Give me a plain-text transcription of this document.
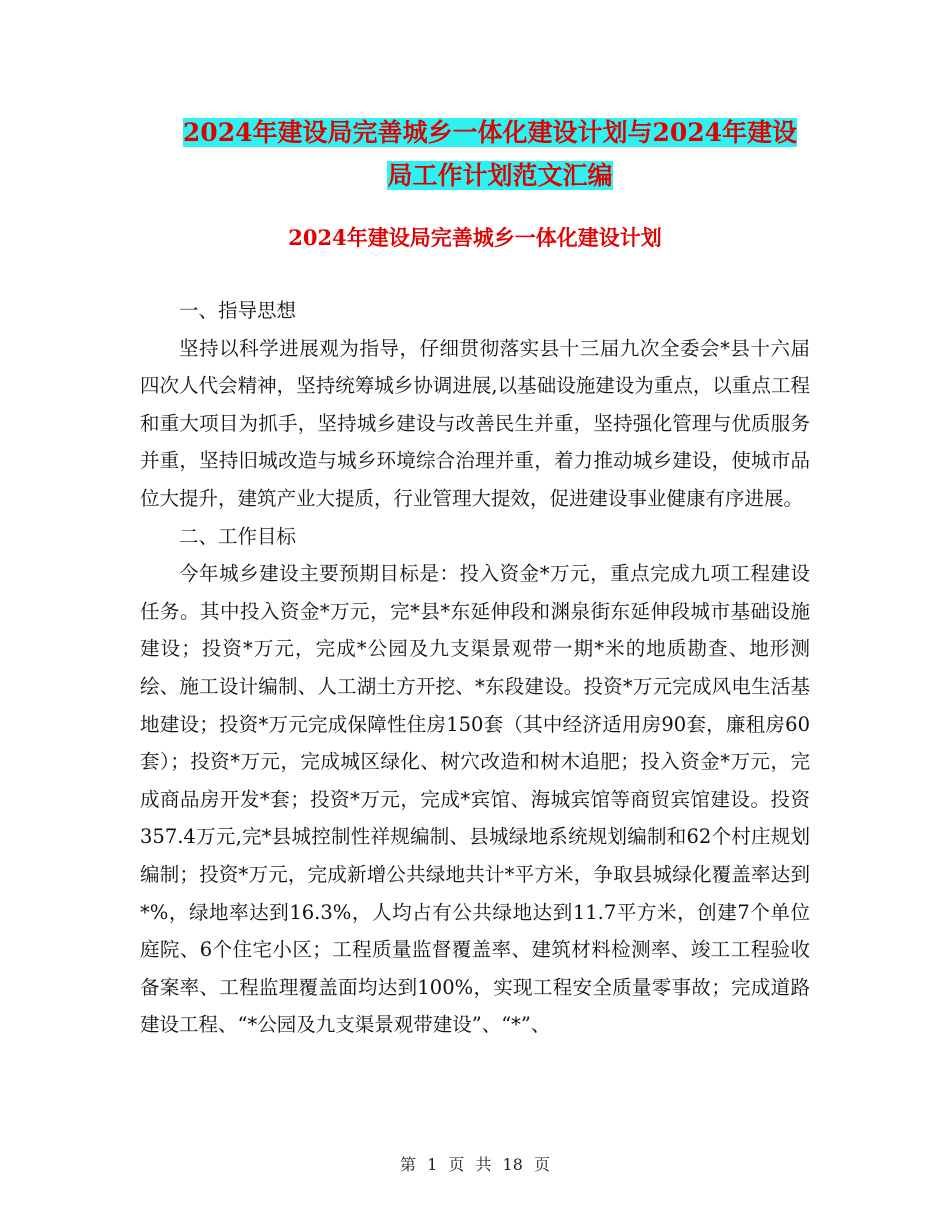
2024年建设局完善城乡一体化建设计划与2024年建设
局工作计划范文汇编
2024年建设局完善城乡一体化建设计划

一、指导思想

坚持以科学进展观为指导，仔细贯彻落实县十三届九次全委会*县十六届四次人代会精神，坚持统筹城乡协调进展,以基础设施建设为重点，以重点工程和重大项目为抓手，坚持城乡建设与改善民生并重，坚持强化管理与优质服务并重，坚持旧城改造与城乡环境综合治理并重，着力推动城乡建设，使城市品位大提升，建筑产业大提质，行业管理大提效，促进建设事业健康有序进展。

二、工作目标

今年城乡建设主要预期目标是：投入资金*万元，重点完成九项工程建设任务。其中投入资金*万元，完*县*东延伸段和渊泉街东延伸段城市基础设施建设；投资*万元，完成*公园及九支渠景观带一期*米的地质勘查、地形测绘、施工设计编制、人工湖土方开挖、*东段建设。投资*万元完成风电生活基地建设；投资*万元完成保障性住房150套（其中经济适用房90套，廉租房60套）；投资*万元，完成城区绿化、树穴改造和树木追肥；投入资金*万元，完成商品房开发*套；投资*万元，完成*宾馆、海城宾馆等商贸宾馆建设。投资357.4万元,完*县城控制性祥规编制、县城绿地系统规划编制和62个村庄规划编制；投资*万元，完成新增公共绿地共计*平方米，争取县城绿化覆盖率达到*%，绿地率达到16.3%，人均占有公共绿地达到11.7平方米，创建7个单位庭院、6个住宅小区；工程质量监督覆盖率、建筑材料检测率、竣工工程验收备案率、工程监理覆盖面均达到100%，实现工程安全质量零事故；完成道路建设工程、“*公园及九支渠景观带建设”、“*”、

第 1 页 共 18 页
